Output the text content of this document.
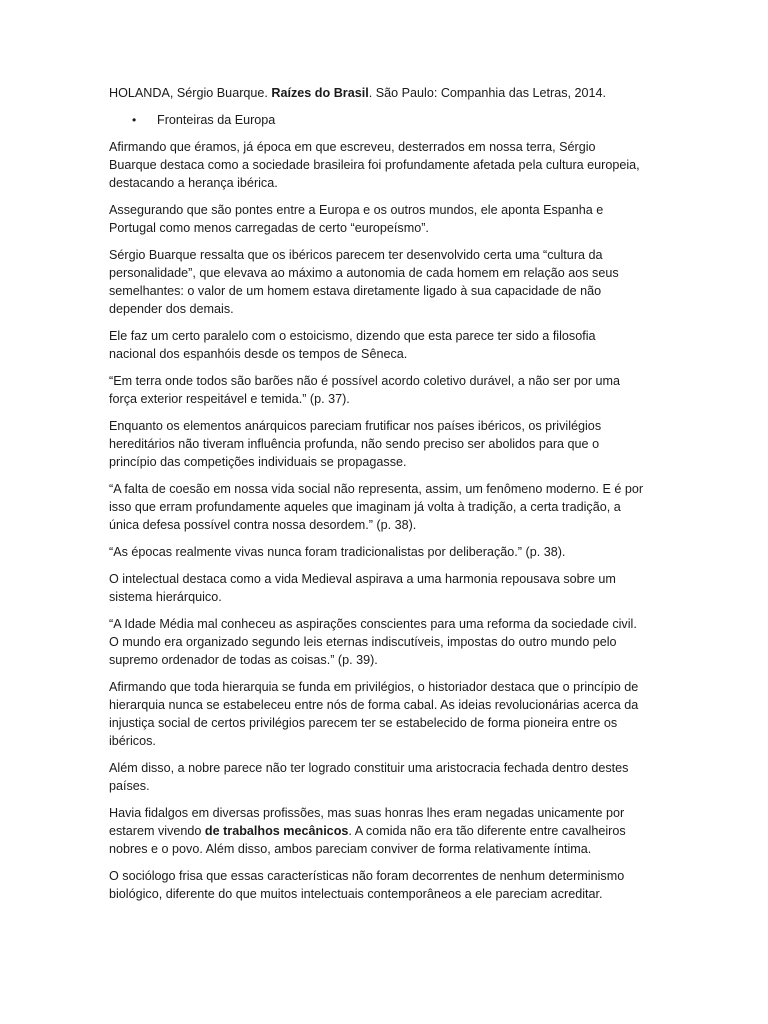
HOLANDA, Sérgio Buarque. Raízes do Brasil. São Paulo: Companhia das Letras, 2014.

•	Fronteiras da Europa

Afirmando que éramos, já época em que escreveu, desterrados em nossa terra, Sérgio Buarque destaca como a sociedade brasileira foi profundamente afetada pela cultura europeia, destacando a herança ibérica.

Assegurando que são pontes entre a Europa e os outros mundos, ele aponta Espanha e Portugal como menos carregadas de certo “europeísmo”.

Sérgio Buarque ressalta que os ibéricos parecem ter desenvolvido certa uma “cultura da personalidade”, que elevava ao máximo a autonomia de cada homem em relação aos seus semelhantes: o valor de um homem estava diretamente ligado à sua capacidade de não depender dos demais.

Ele faz um certo paralelo com o estoicismo, dizendo que esta parece ter sido a filosofia nacional dos espanhóis desde os tempos de Sêneca.

“Em terra onde todos são barões não é possível acordo coletivo durável, a não ser por uma força exterior respeitável e temida.” (p. 37).

Enquanto os elementos anárquicos pareciam frutificar nos países ibéricos, os privilégios hereditários não tiveram influência profunda, não sendo preciso ser abolidos para que o princípio das competições individuais se propagasse.

“A falta de coesão em nossa vida social não representa, assim, um fenômeno moderno. E é por isso que erram profundamente aqueles que imaginam já volta à tradição, a certa tradição, a única defesa possível contra nossa desordem.” (p. 38).

“As épocas realmente vivas nunca foram tradicionalistas por deliberação.” (p. 38).

O intelectual destaca como a vida Medieval aspirava a uma harmonia repousava sobre um sistema hierárquico.

“A Idade Média mal conheceu as aspirações conscientes para uma reforma da sociedade civil. O mundo era organizado segundo leis eternas indiscutíveis, impostas do outro mundo pelo supremo ordenador de todas as coisas.” (p. 39).

Afirmando que toda hierarquia se funda em privilégios, o historiador destaca que o princípio de hierarquia nunca se estabeleceu entre nós de forma cabal. As ideias revolucionárias acerca da injustiça social de certos privilégios parecem ter se estabelecido de forma pioneira entre os ibéricos.

Além disso, a nobre parece não ter logrado constituir uma aristocracia fechada dentro destes países.

Havia fidalgos em diversas profissões, mas suas honras lhes eram negadas unicamente por estarem vivendo de trabalhos mecânicos. A comida não era tão diferente entre cavalheiros nobres e o povo. Além disso, ambos pareciam conviver de forma relativamente íntima.

O sociólogo frisa que essas características não foram decorrentes de nenhum determinismo biológico, diferente do que muitos intelectuais contemporâneos a ele pareciam acreditar.
